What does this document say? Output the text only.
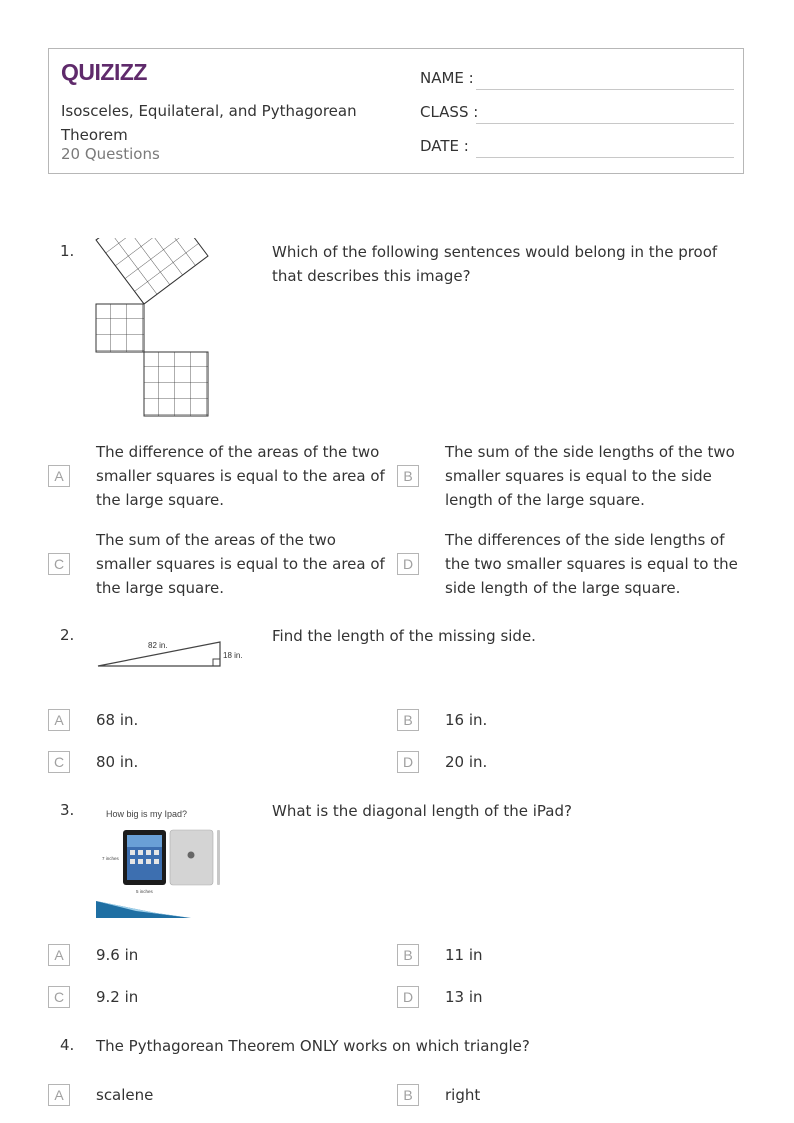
QUIZIZZ
Isosceles, Equilateral, and Pythagorean Theorem
20 Questions
NAME :
CLASS :
DATE :
1.	Which of the following sentences would belong in the proof that describes this image?
A
The difference of the areas of the two smaller squares is equal to the area of the large square.
B
The sum of the side lengths of the two smaller squares is equal to the side length of the large square.
C
The sum of the areas of the two smaller squares is equal to the area of the large square.
D
The differences of the side lengths of the two smaller squares is equal to the side length of the large square.
2.
82 in.
18 in.
Find the length of the missing side.
A	68 in.	B	16 in.
C	80 in.	D	20 in.
3.	How big is my Ipad?
7 inches
5 inches
What is the diagonal length of the iPad?
A	9.6 in	B	11 in
C	9.2 in	D	13 in
4. The Pythagorean Theorem ONLY works on which triangle?
A	scalene	B	right
